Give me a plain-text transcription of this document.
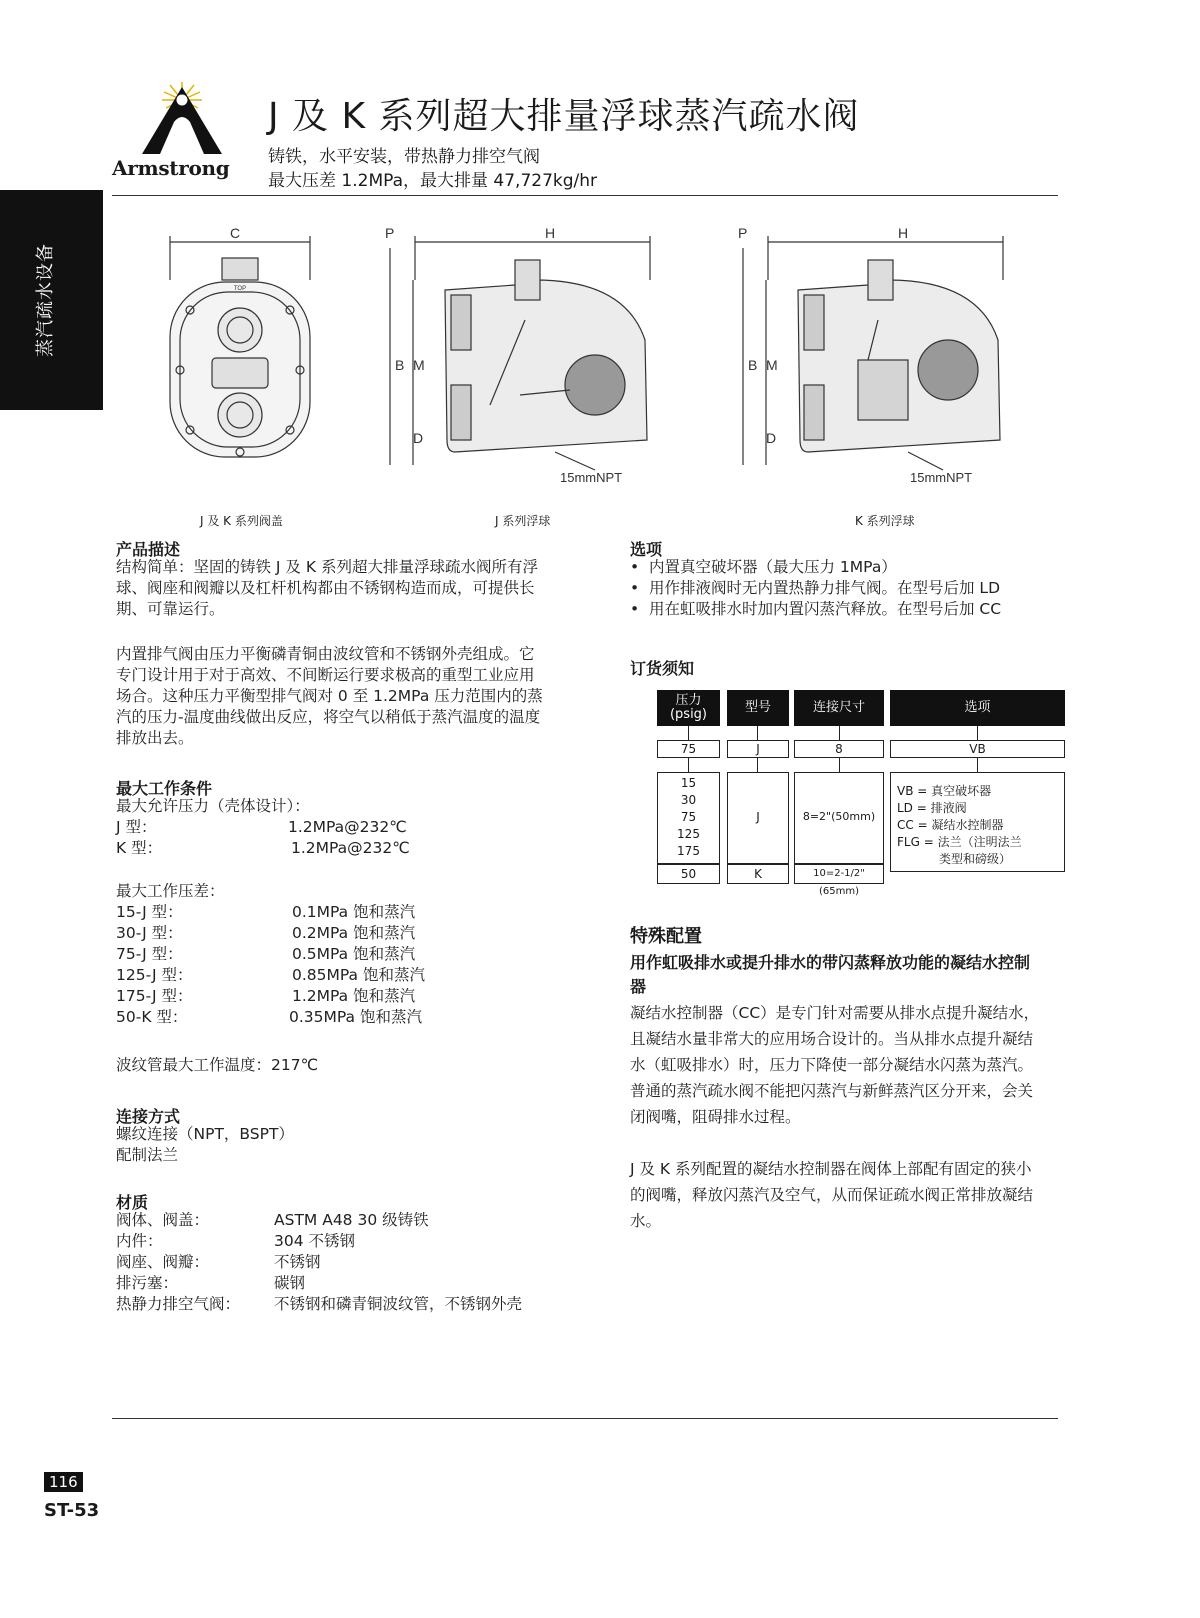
Armstrong
J 及 K 系列超大排量浮球蒸汽疏水阀
铸铁，水平安装，带热静力排空气阀
最大压差 1.2MPa，最大排量 47,727kg/hr
蒸汽疏水设备
C
TOP
P	H
B M
D
15mmNPT
P	H
B M
D
15mmNPT
J 及 K 系列阀盖	J 系列浮球	K 系列浮球
产品描述
结构简单：坚固的铸铁 J 及 K 系列超大排量浮球疏水阀所有浮
球、阀座和阀瓣以及杠杆机构都由不锈钢构造而成，可提供长
期、可靠运行。
内置排气阀由压力平衡磷青铜由波纹管和不锈钢外壳组成。它
专门设计用于对于高效、不间断运行要求极高的重型工业应用
场合。这种压力平衡型排气阀对 0 至 1.2MPa 压力范围内的蒸
汽的压力-温度曲线做出反应，将空气以稍低于蒸汽温度的温度
排放出去。
最大工作条件
最大允许压力（壳体设计）：
J 型：	1.2MPa@232℃
K 型：	1.2MPa@232℃
最大工作压差：
15-J 型：	0.1MPa 饱和蒸汽
30-J 型：	0.2MPa 饱和蒸汽
75-J 型：	0.5MPa 饱和蒸汽
125-J 型：	0.85MPa 饱和蒸汽
175-J 型：	1.2MPa 饱和蒸汽
50-K 型：	0.35MPa 饱和蒸汽
波纹管最大工作温度：217℃
连接方式
螺纹连接（NPT，BSPT）
配制法兰
材质
阀体、阀盖：	ASTM A48 30 级铸铁
内件：	304 不锈钢
阀座、阀瓣：	不锈钢
排污塞：	碳钢
热静力排空气阀： 不锈钢和磷青铜波纹管，不锈钢外壳
选项
•  内置真空破坏器（最大压力 1MPa）
•  用作排液阀时无内置热静力排气阀。在型号后加 LD
•  用在虹吸排水时加内置闪蒸汽释放。在型号后加 CC
订货须知
压力
(psig)	型号	连接尺寸	选项
75	J	8	VB
15
30
75
125
175
50
J
K
8=2"(50mm)
10=2-1/2" (65mm)
VB = 真空破坏器
LD = 排液阀
CC = 凝结水控制器
FLG = 法兰（注明法兰
类型和磅级）
特殊配置
用作虹吸排水或提升排水的带闪蒸释放功能的凝结水控制
器
凝结水控制器（CC）是专门针对需要从排水点提升凝结水，
且凝结水量非常大的应用场合设计的。当从排水点提升凝结
水（虹吸排水）时，压力下降使一部分凝结水闪蒸为蒸汽。
普通的蒸汽疏水阀不能把闪蒸汽与新鲜蒸汽区分开来，会关
闭阀嘴，阻碍排水过程。
J 及 K 系列配置的凝结水控制器在阀体上部配有固定的狭小
的阀嘴，释放闪蒸汽及空气，从而保证疏水阀正常排放凝结
水。
116
ST-53
